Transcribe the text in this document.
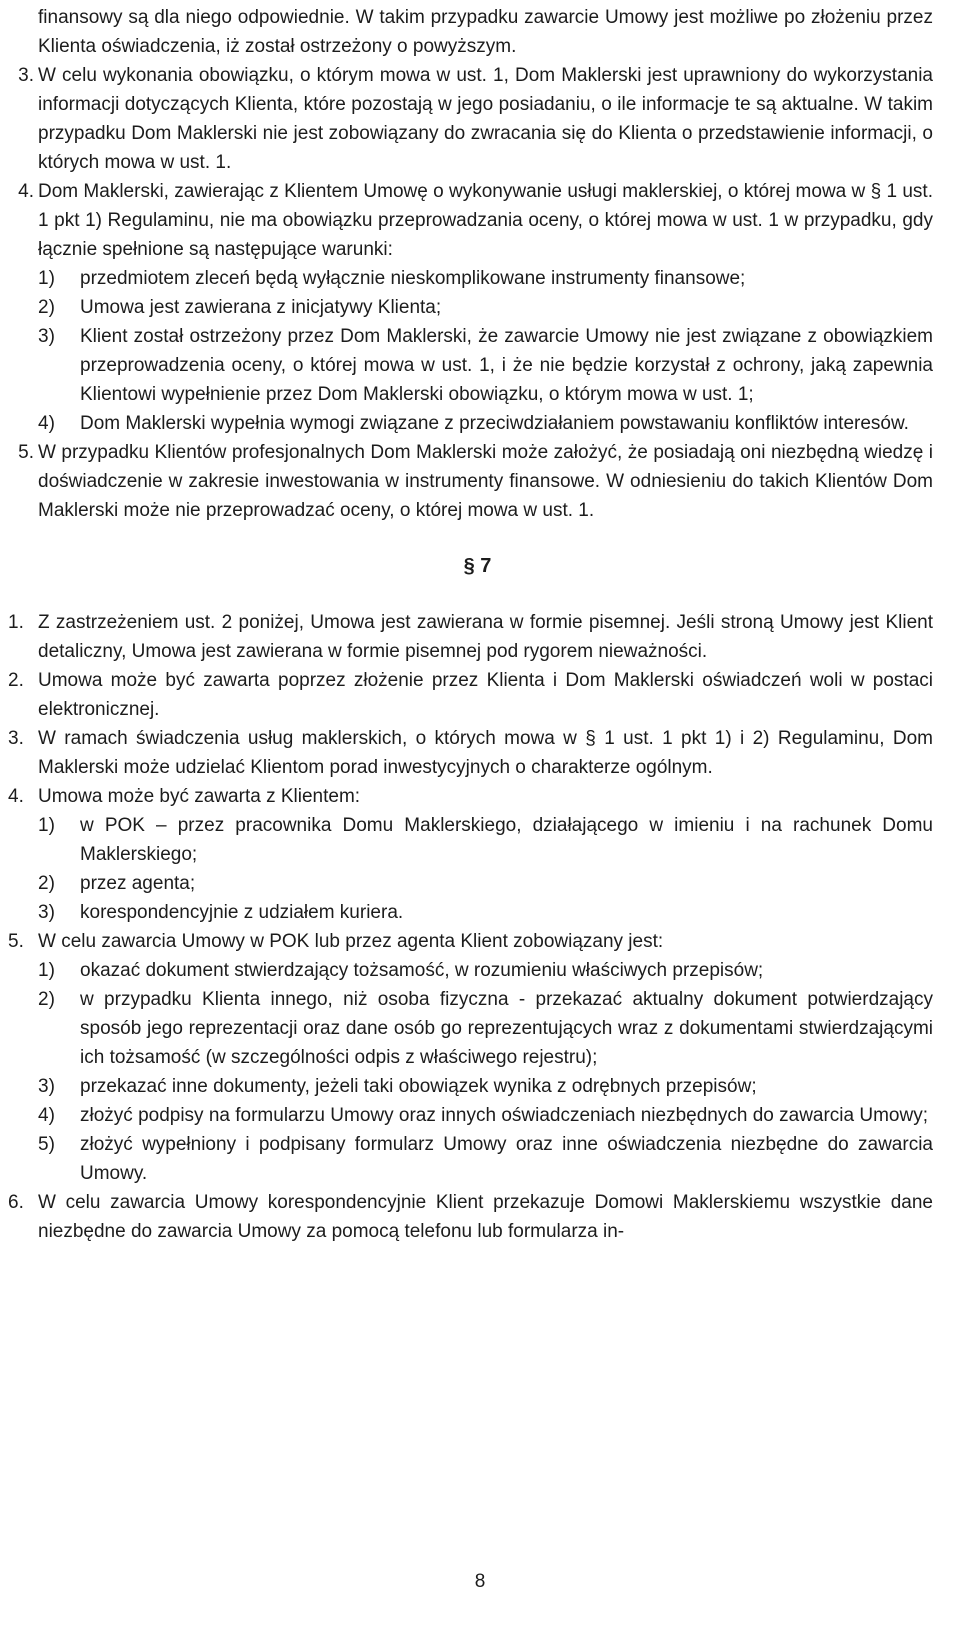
finansowy są dla niego odpowiednie. W takim przypadku zawarcie Umowy jest możliwe po złożeniu przez Klienta oświadczenia, iż został ostrzeżony o powyższym.

3. W celu wykonania obowiązku, o którym mowa w ust. 1, Dom Maklerski jest uprawniony do wykorzystania informacji dotyczących Klienta, które pozostają w jego posiadaniu, o ile informacje te są aktualne. W takim przypadku Dom Maklerski nie jest zobowiązany do zwracania się do Klienta o przedstawienie informacji, o których mowa w ust. 1.
4. Dom Maklerski, zawierając z Klientem Umowę o wykonywanie usługi maklerskiej, o której mowa w § 1 ust. 1 pkt 1) Regulaminu, nie ma obowiązku przeprowadzania oceny, o której mowa w ust. 1 w przypadku, gdy łącznie spełnione są następujące warunki:
1)	przedmiotem zleceń będą wyłącznie nieskomplikowane instrumenty finansowe;
2)	Umowa jest zawierana z inicjatywy Klienta;
3)	Klient został ostrzeżony przez Dom Maklerski, że zawarcie Umowy nie jest związane z obowiązkiem przeprowadzenia oceny, o której mowa w ust. 1, i że nie będzie korzystał z ochrony, jaką zapewnia Klientowi wypełnienie przez Dom Maklerski obowiązku, o którym mowa w ust. 1;
4)	Dom Maklerski wypełnia wymogi związane z przeciwdziałaniem powstawaniu konfliktów interesów.
5. W przypadku Klientów profesjonalnych Dom Maklerski może założyć, że posiadają oni niezbędną wiedzę i doświadczenie w zakresie inwestowania w instrumenty finansowe. W odniesieniu do takich Klientów Dom Maklerski może nie przeprowadzać oceny, o której mowa w ust. 1.
§ 7
1. Z zastrzeżeniem ust. 2 poniżej, Umowa jest zawierana w formie pisemnej. Jeśli stroną Umowy jest Klient detaliczny, Umowa jest zawierana w formie pisemnej pod rygorem nieważności.
2. Umowa może być zawarta poprzez złożenie przez Klienta i Dom Maklerski oświadczeń woli w postaci elektronicznej.
3. W ramach świadczenia usług maklerskich, o których mowa w § 1 ust. 1 pkt 1) i 2) Regulaminu, Dom Maklerski może udzielać Klientom porad inwestycyjnych o charakterze ogólnym.
4. Umowa może być zawarta z Klientem:
1)	w POK – przez pracownika Domu Maklerskiego, działającego w imieniu i na rachunek Domu Maklerskiego;
2)	przez agenta;
3)	korespondencyjnie z udziałem kuriera.
5. W celu zawarcia Umowy w POK lub przez agenta Klient zobowiązany jest:
1)	okazać dokument stwierdzający tożsamość, w rozumieniu właściwych przepisów;
2)	w przypadku Klienta innego, niż osoba fizyczna - przekazać aktualny dokument potwierdzający sposób jego reprezentacji oraz dane osób go reprezentujących wraz z dokumentami stwierdzającymi ich tożsamość (w szczególności odpis z właściwego rejestru);
3)	przekazać inne dokumenty, jeżeli taki obowiązek wynika z odrębnych przepisów;
4)	złożyć podpisy na formularzu Umowy oraz innych oświadczeniach niezbędnych do zawarcia Umowy;
5)	złożyć wypełniony i podpisany formularz Umowy oraz inne oświadczenia niezbędne do zawarcia Umowy.
6. W celu zawarcia Umowy korespondencyjnie Klient przekazuje Domowi Maklerskiemu wszystkie dane niezbędne do zawarcia Umowy za pomocą telefonu lub formularza in-
8
